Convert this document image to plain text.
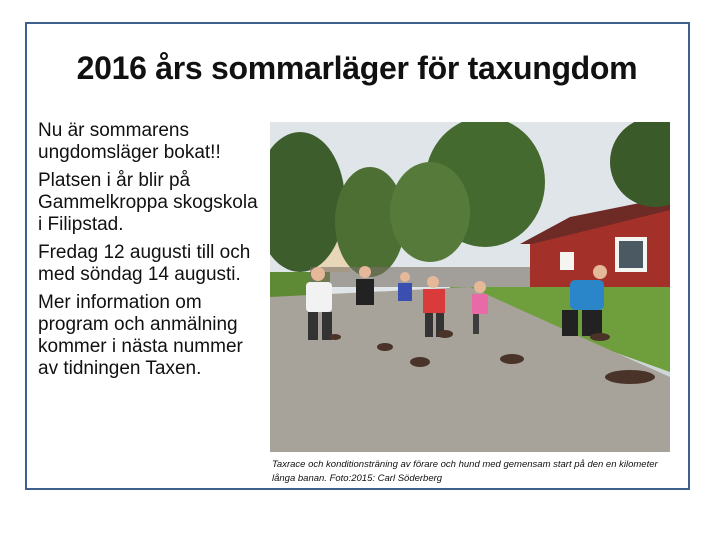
2016 års sommarläger för taxungdom
Nu är sommarens ungdomsläger bokat!!
Platsen i år blir på Gammelkroppa skogskola i Filipstad.
Fredag 12 augusti till och med söndag 14 augusti.
Mer information om program och anmälning kommer i nästa nummer av tidningen Taxen.
Taxrace och konditionsträning av förare och hund med gemensam start på den en kilometer långa banan. Foto:2015: Carl Söderberg
